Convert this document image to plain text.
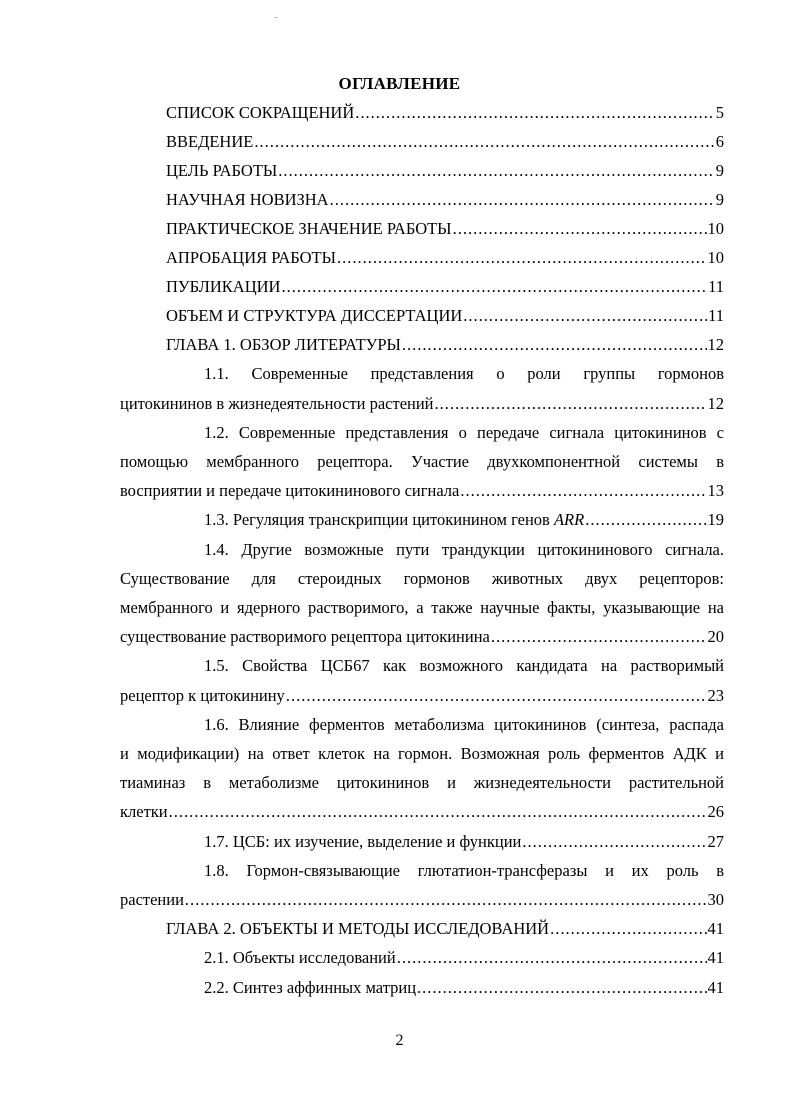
-
ОГЛАВЛЕНИЕ
СПИСОК СОКРАЩЕНИЙ .....	5
ВВЕДЕНИЕ .....	6
ЦЕЛЬ РАБОТЫ .....	9
НАУЧНАЯ НОВИЗНА .....	9
ПРАКТИЧЕСКОЕ ЗНАЧЕНИЕ РАБОТЫ .....	10
АПРОБАЦИЯ РАБОТЫ .....	10
ПУБЛИКАЦИИ .....	11
ОБЪЕМ И СТРУКТУРА ДИССЕРТАЦИИ .....	11
ГЛАВА 1. ОБЗОР ЛИТЕРАТУРЫ .....	12
1.1. Современные представления о роли группы гормонов
цитокининов в жизнедеятельности растений .....	12
1.2. Современные представления о передаче сигнала цитокининов с
помощью мембранного рецептора. Участие двухкомпонентной системы в
восприятии и передаче цитокининового сигнала .....	13
1.3. Регуляция транскрипции цитокинином генов ARR .....	19
1.4. Другие возможные пути трандукции цитокининового сигнала.
Существование для стероидных гормонов животных двух рецепторов:
мембранного и ядерного растворимого, а также научные факты, указывающие на
существование растворимого рецептора цитокинина .....	20
1.5. Свойства ЦСБ67 как возможного кандидата на растворимый
рецептор к цитокинину .....	23
1.6. Влияние ферментов метаболизма цитокининов (синтеза, распада
и модификации) на ответ клеток на гормон. Возможная роль ферментов АДК и
тиаминаз в метаболизме цитокининов и жизнедеятельности растительной
клетки .....	26
1.7. ЦСБ: их изучение, выделение и функции .....	27
1.8. Гормон-связывающие глютатион-трансферазы и их роль в
растении .....	30
ГЛАВА 2. ОБЪЕКТЫ И МЕТОДЫ ИССЛЕДОВАНИЙ .....	41
2.1. Объекты исследований .....	41
2.2. Синтез аффинных матриц .....	41
2
